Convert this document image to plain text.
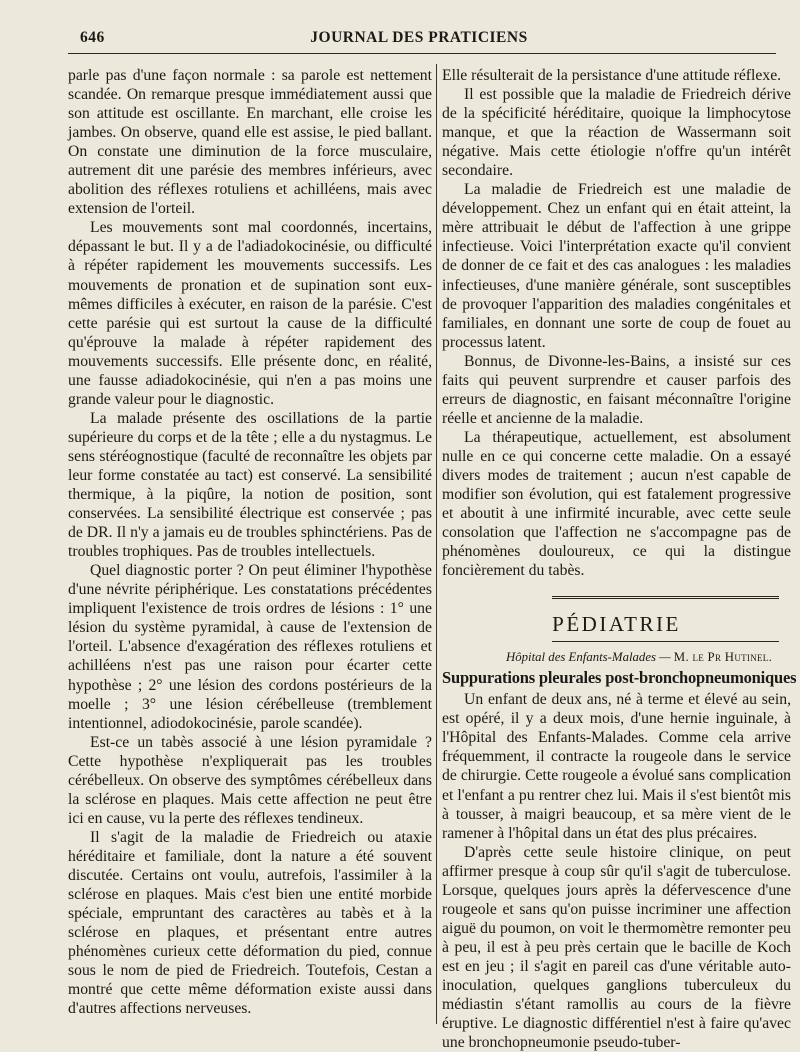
646	JOURNAL DES PRATICIENS

parle pas d'une façon normale : sa parole est nettement scandée. On remarque presque immédiatement aussi que son attitude est oscillante. En marchant, elle croise les jambes. On observe, quand elle est assise, le pied ballant. On constate une diminution de la force musculaire, autrement dit une parésie des membres inférieurs, avec abolition des réflexes rotuliens et achilléens, mais avec extension de l'orteil.

Les mouvements sont mal coordonnés, incertains, dépassant le but. Il y a de l'adiadokocinésie, ou difficulté à répéter rapidement les mouvements successifs. Les mouvements de pronation et de supination sont eux-mêmes difficiles à exécuter, en raison de la parésie. C'est cette parésie qui est surtout la cause de la difficulté qu'éprouve la malade à répéter rapidement des mouvements successifs. Elle présente donc, en réalité, une fausse adiadokocinésie, qui n'en a pas moins une grande valeur pour le diagnostic.

La malade présente des oscillations de la partie supérieure du corps et de la tête ; elle a du nystagmus. Le sens stéréognostique (faculté de reconnaître les objets par leur forme constatée au tact) est conservé. La sensibilité thermique, à la piqûre, la notion de position, sont conservées. La sensibilité électrique est conservée ; pas de DR. Il n'y a jamais eu de troubles sphinctériens. Pas de troubles trophiques. Pas de troubles intellectuels.

Quel diagnostic porter ? On peut éliminer l'hypothèse d'une névrite périphérique. Les constatations précédentes impliquent l'existence de trois ordres de lésions : 1° une lésion du système pyramidal, à cause de l'extension de l'orteil. L'absence d'exagération des réflexes rotuliens et achilléens n'est pas une raison pour écarter cette hypothèse ; 2° une lésion des cordons postérieurs de la moelle ; 3° une lésion cérébelleuse (tremblement intentionnel, adiodokocinésie, parole scandée).

Est-ce un tabès associé à une lésion pyramidale ? Cette hypothèse n'expliquerait pas les troubles cérébelleux. On observe des symptômes cérébelleux dans la sclérose en plaques. Mais cette affection ne peut être ici en cause, vu la perte des réflexes tendineux.

Il s'agit de la maladie de Friedreich ou ataxie héréditaire et familiale, dont la nature a été souvent discutée. Certains ont voulu, autrefois, l'assimiler à la sclérose en plaques. Mais c'est bien une entité morbide spéciale, empruntant des caractères au tabès et à la sclérose en plaques, et présentant entre autres phénomènes curieux cette déformation du pied, connue sous le nom de pied de Friedreich. Toutefois, Cestan a montré que cette même déformation existe aussi dans d'autres affections nerveuses.

Elle résulterait de la persistance d'une attitude réflexe.

Il est possible que la maladie de Friedreich dérive de la spécificité héréditaire, quoique la limphocytose manque, et que la réaction de Wassermann soit négative. Mais cette étiologie n'offre qu'un intérêt secondaire.

La maladie de Friedreich est une maladie de développement. Chez un enfant qui en était atteint, la mère attribuait le début de l'affection à une grippe infectieuse. Voici l'interprétation exacte qu'il convient de donner de ce fait et des cas analogues : les maladies infectieuses, d'une manière générale, sont susceptibles de provoquer l'apparition des maladies congénitales et familiales, en donnant une sorte de coup de fouet au processus latent.

Bonnus, de Divonne-les-Bains, a insisté sur ces faits qui peuvent surprendre et causer parfois des erreurs de diagnostic, en faisant méconnaître l'origine réelle et ancienne de la maladie.

La thérapeutique, actuellement, est absolument nulle en ce qui concerne cette maladie. On a essayé divers modes de traitement ; aucun n'est capable de modifier son évolution, qui est fatalement progressive et aboutit à une infirmité incurable, avec cette seule consolation que l'affection ne s'accompagne pas de phénomènes douloureux, ce qui la distingue foncièrement du tabès.

PÉDIATRIE

Hôpital des Enfants-Malades — M. le Pr Hutinel.

Suppurations pleurales post-bronchopneumoniques

Un enfant de deux ans, né à terme et élevé au sein, est opéré, il y a deux mois, d'une hernie inguinale, à l'Hôpital des Enfants-Malades. Comme cela arrive fréquemment, il contracte la rougeole dans le service de chirurgie. Cette rougeole a évolué sans complication et l'enfant a pu rentrer chez lui. Mais il s'est bientôt mis à tousser, à maigri beaucoup, et sa mère vient de le ramener à l'hôpital dans un état des plus précaires.

D'après cette seule histoire clinique, on peut affirmer presque à coup sûr qu'il s'agit de tuberculose. Lorsque, quelques jours après la défervescence d'une rougeole et sans qu'on puisse incriminer une affection aiguë du poumon, on voit le thermomètre remonter peu à peu, il est à peu près certain que le bacille de Koch est en jeu ; il s'agit en pareil cas d'une véritable auto-inoculation, quelques ganglions tuberculeux du médiastin s'étant ramollis au cours de la fièvre éruptive. Le diagnostic différentiel n'est à faire qu'avec une bronchopneumonie pseudo-tuber-
